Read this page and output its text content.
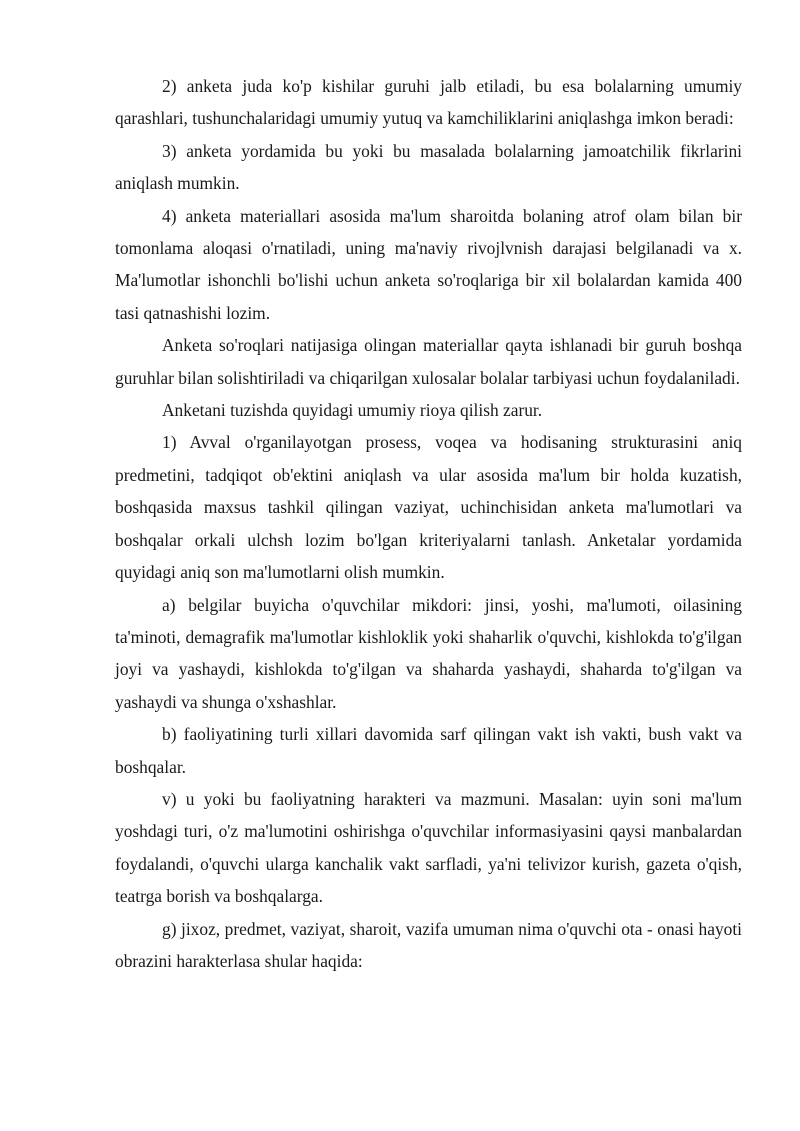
2) anketa juda ko'p kishilar guruhi jalb etiladi, bu esa bolalarning umumiy qarashlari, tushunchalaridagi umumiy yutuq va kamchiliklarini aniqlashga imkon beradi:

3) anketa yordamida bu yoki bu masalada bolalarning jamoatchilik fikrlarini aniqlash mumkin.

4) anketa materiallari asosida ma'lum sharoitda bolaning atrof olam bilan bir tomonlama aloqasi o'rnatiladi, uning ma'naviy rivojlvnish darajasi belgilanadi va x. Ma'lumotlar ishonchli bo'lishi uchun anketa so'roqlariga bir xil bolalardan kamida 400 tasi qatnashishi lozim.

Anketa so'roqlari natijasiga olingan materiallar qayta ishlanadi bir guruh boshqa guruhlar bilan solishtiriladi va chiqarilgan xulosalar bolalar tarbiyasi uchun foydalaniladi.

Anketani tuzishda quyidagi umumiy rioya qilish zarur.

1) Avval o'rganilayotgan prosess, voqea va hodisaning strukturasini aniq predmetini, tadqiqot ob'ektini aniqlash va ular asosida ma'lum bir holda kuzatish, boshqasida maxsus tashkil qilingan vaziyat, uchinchisidan anketa ma'lumotlari va boshqalar orkali ulchsh lozim bo'lgan kriteriyalarni tanlash. Anketalar yordamida quyidagi aniq son ma'lumotlarni olish mumkin.

a) belgilar buyicha o'quvchilar mikdori: jinsi, yoshi, ma'lumoti, oilasining ta'minoti, demagrafik ma'lumotlar kishloklik yoki shaharlik o'quvchi, kishlokda to'g'ilgan joyi va yashaydi, kishlokda to'g'ilgan va shaharda yashaydi, shaharda to'g'ilgan va yashaydi va shunga o'xshashlar.

b) faoliyatining turli xillari davomida sarf qilingan vakt ish vakti, bush vakt va boshqalar.

v) u yoki bu faoliyatning harakteri va mazmuni. Masalan: uyin soni ma'lum yoshdagi turi, o'z ma'lumotini oshirishga o'quvchilar informasiyasini qaysi manbalardan foydalandi, o'quvchi ularga kanchalik vakt sarfladi, ya'ni telivizor kurish, gazeta o'qish, teatrga borish va boshqalarga.

g) jixoz, predmet, vaziyat, sharoit, vazifa umuman nima o'quvchi ota - onasi hayoti obrazini harakterlasa shular haqida:
